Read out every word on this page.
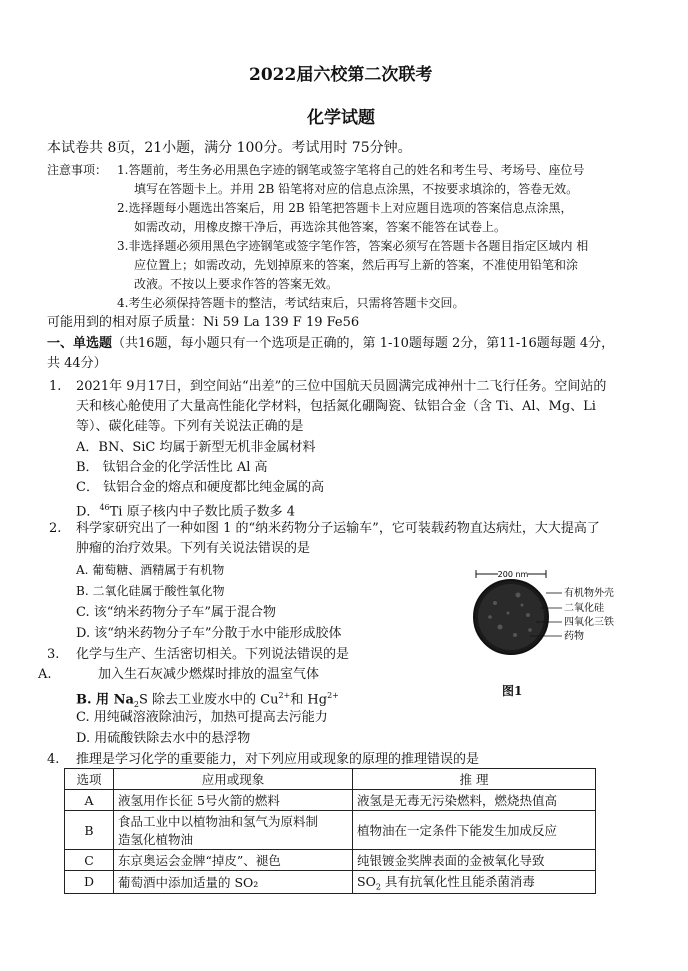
2022届六校第二次联考
化学试题
本试卷共 8页，21小题，满分 100分。考试用时 75分钟。
注意事项： 1.答题前，考生务必用黑色字迹的钢笔或签字笔将自己的姓名和考生号、考场号、座位号
填写在答题卡上。并用 2B 铅笔将对应的信息点涂黑，不按要求填涂的，答卷无效。
2.选择题每小题选出答案后，用 2B 铅笔把答题卡上对应题目选项的答案信息点涂黑，
如需改动，用橡皮擦干净后，再选涂其他答案，答案不能答在试卷上。
3.非选择题必须用黑色字迹钢笔或签字笔作答，答案必须写在答题卡各题目指定区域内 相
应位置上；如需改动，先划掉原来的答案，然后再写上新的答案，不准使用铅笔和涂
改液。不按以上要求作答的答案无效。
4.考生必须保持答题卡的整洁，考试结束后，只需将答题卡交回。
可能用到的相对原子质量：Ni 59 La 139 F 19 Fe56
一、单选题（共16题，每小题只有一个选项是正确的，第 1-10题每题 2分，第11-16题每题 4分，
共 44分）
1. 2021年 9月17日，到空间站“出差”的三位中国航天员圆满完成神州十二飞行任务。空间站的
天和核心舱使用了大量高性能化学材料，包括氮化硼陶瓷、钛铝合金（含 Ti、Al、Mg、Li
等）、碳化硅等。下列有关说法正确的是
A．BN、SiC 均属于新型无机非金属材料
B． 钛铝合金的化学活性比 Al 高
C． 钛铝合金的熔点和硬度都比纯金属的高
D．$^{46}$Ti 原子核内中子数比质子数多 4
2. 科学家研究出了一种如图 1 的“纳米药物分子运输车”，它可装载药物直达病灶，大大提高了
肿瘤的治疗效果。下列有关说法错误的是
A. 葡萄糖、酒精属于有机物
B. 二氧化硅属于酸性氧化物
C. 该“纳米药物分子车”属于混合物
D. 该“纳米药物分子车”分散于水中能形成胶体
200 nm
有机物外壳
二氧化硅
四氧化三铁
药物
图1
3. 化学与生产、生活密切相关。下列说法错误的是
A.	加入生石灰减少燃煤时排放的温室气体
B. 用 $Na_2S$ 除去工业废水中的 $Cu^{2+}$和 $Hg^{2+}$
C. 用纯碱溶液除油污，加热可提高去污能力
D. 用硫酸铁除去水中的悬浮物
4. 推理是学习化学的重要能力，对下列应用或现象的原理的推理错误的是
选项	应用或现象	推 理
A	液氢用作长征 5号火箭的燃料	液氢是无毒无污染燃料，燃烧热值高
B	食品工业中以植物油和氢气为原料制
造氢化植物油	植物油在一定条件下能发生加成反应
C	东京奥运会金牌“掉皮”、褪色	纯银镀金奖牌表面的金被氧化导致
D	葡萄酒中添加适量的 SO₂	$SO_2$ 具有抗氧化性且能杀菌消毒
